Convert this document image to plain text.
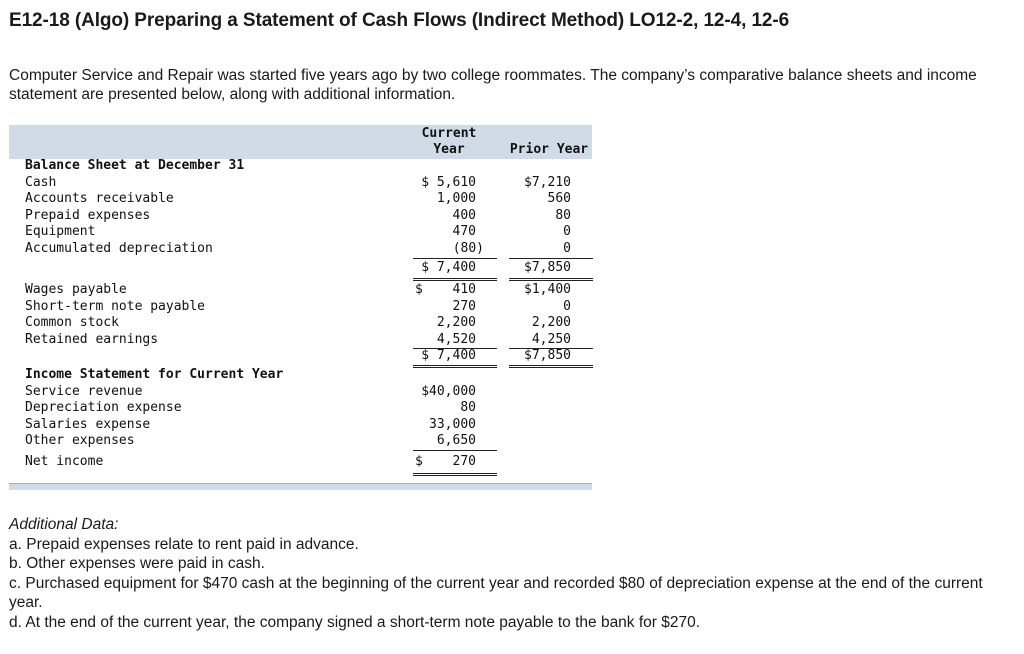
E12-18 (Algo) Preparing a Statement of Cash Flows (Indirect Method) LO12-2, 12-4, 12-6
Computer Service and Repair was started five years ago by two college roommates. The company’s comparative balance sheets and income statement are presented below, along with additional information.
Current
Year	Prior Year
Balance Sheet at December 31
Cash	$ 5,610	$7,210
Accounts receivable	1,000	560
Prepaid expenses	400	80
Equipment	470	0
Accumulated depreciation	(80)	0
$ 7,400	$7,850
Wages payable	$	410	$1,400
Short-term note payable	270	0
Common stock	2,200	2,200
Retained earnings	4,520	4,250
$ 7,400	$7,850
Income Statement for Current Year
Service revenue	$40,000
Depreciation expense	80
Salaries expense	33,000
Other expenses	6,650
Net income	$	270
Additional Data:
a. Prepaid expenses relate to rent paid in advance.
b. Other expenses were paid in cash.
c. Purchased equipment for $470 cash at the beginning of the current year and recorded $80 of depreciation expense at the end of the current year.
d. At the end of the current year, the company signed a short-term note payable to the bank for $270.
